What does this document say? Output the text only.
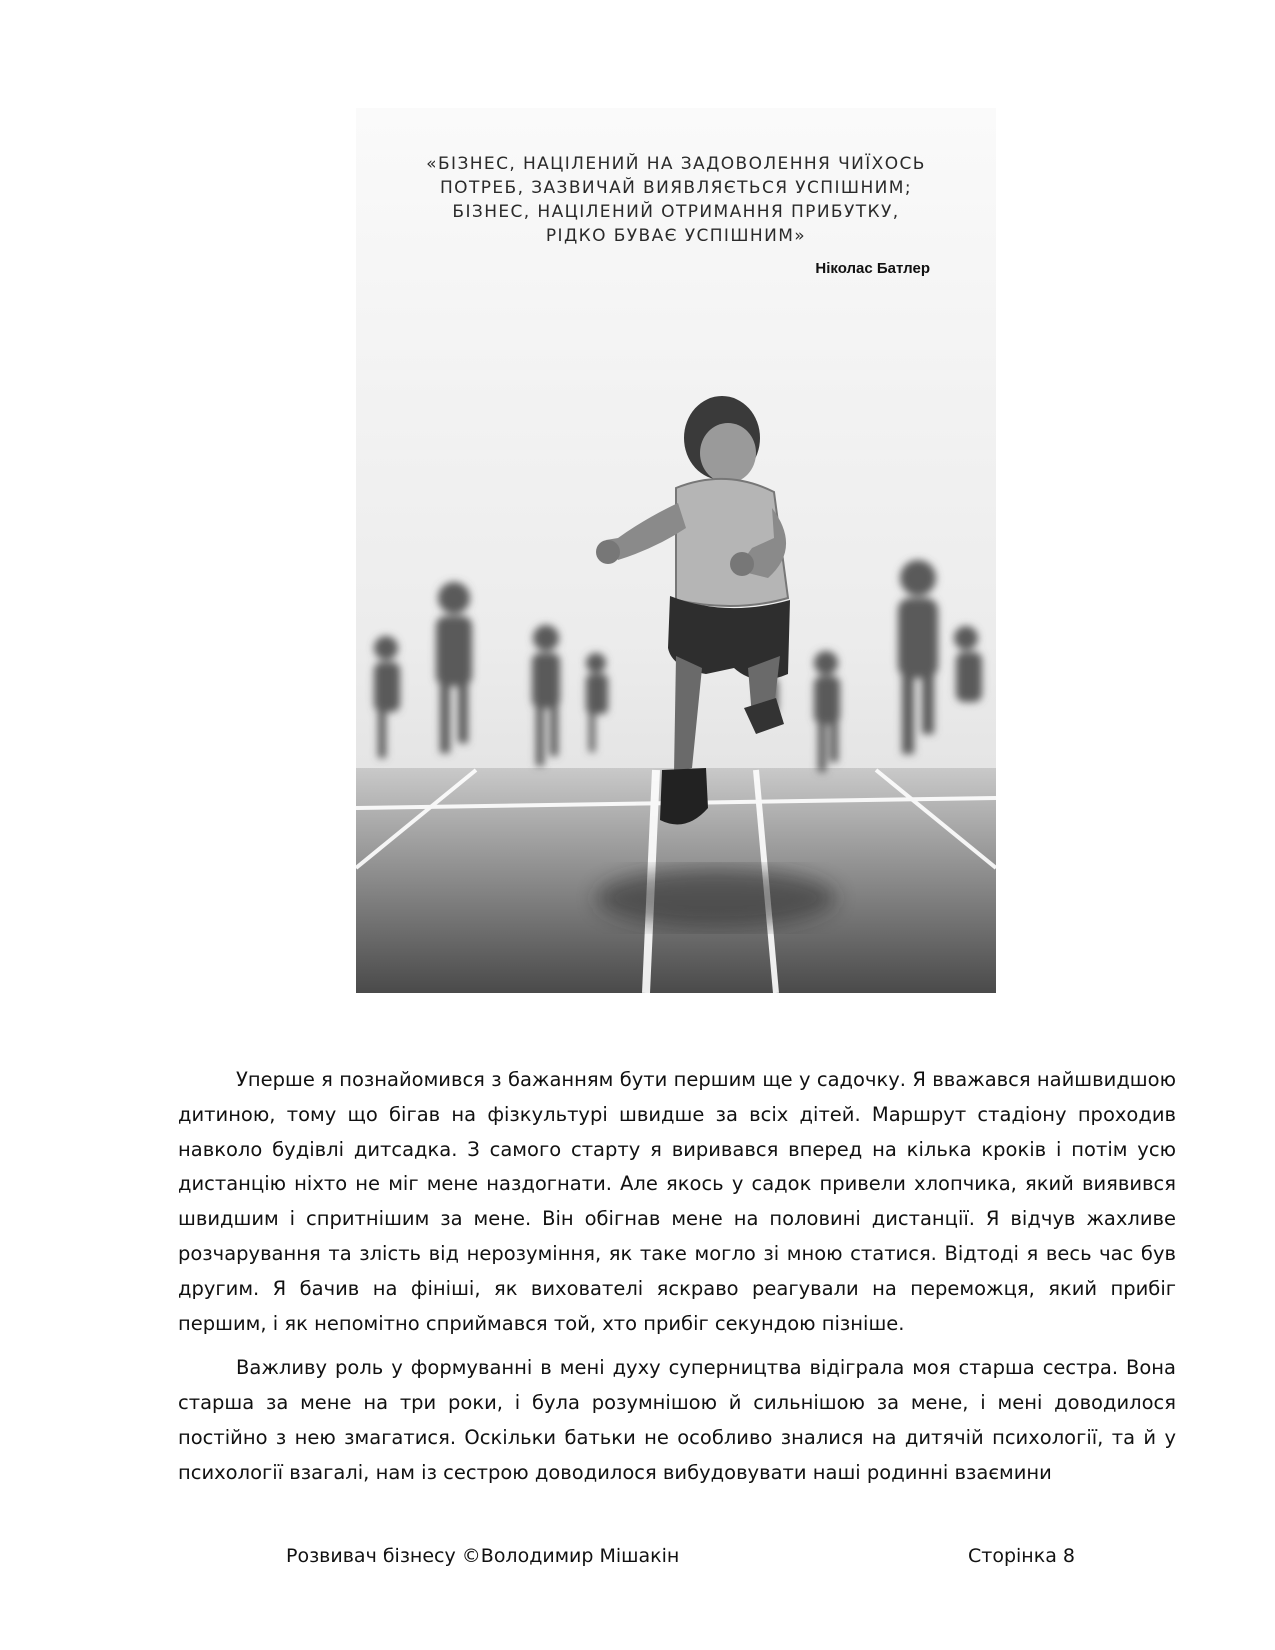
«БІЗНЕС, НАЦІЛЕНИЙ НА ЗАДОВОЛЕННЯ ЧИЇХОСЬ
ПОТРЕБ, ЗАЗВИЧАЙ ВИЯВЛЯЄТЬСЯ УСПІШНИМ;
БІЗНЕС, НАЦІЛЕНИЙ ОТРИМАННЯ ПРИБУТКУ,
РІДКО БУВАЄ УСПІШНИМ»
Ніколас Батлер

Уперше я познайомився з бажанням бути першим ще у садочку. Я вважався найшвидшою дитиною, тому що бігав на фізкультурі швидше за всіх дітей. Маршрут стадіону проходив навколо будівлі дитсадка. З самого старту я виривався вперед на кілька кроків і потім усю дистанцію ніхто не міг мене наздогнати. Але якось у садок привели хлопчика, який виявився швидшим і спритнішим за мене. Він обігнав мене на половині дистанції. Я відчув жахливе розчарування та злість від нерозуміння, як таке могло зі мною статися. Відтоді я весь час був другим. Я бачив на фініші, як вихователі яскраво реагували на переможця, який прибіг першим, і як непомітно сприймався той, хто прибіг секундою пізніше.

Важливу роль у формуванні в мені духу суперництва відіграла моя старша сестра. Вона старша за мене на три роки, і була розумнішою й сильнішою за мене, і мені доводилося постійно з нею змагатися. Оскільки батьки не особливо зналися на дитячій психології, та й у психології взагалі, нам із сестрою доводилося вибудовувати наші родинні взаємини

Розвивач бізнесу ©Володимир Мішакін	Сторінка 8
